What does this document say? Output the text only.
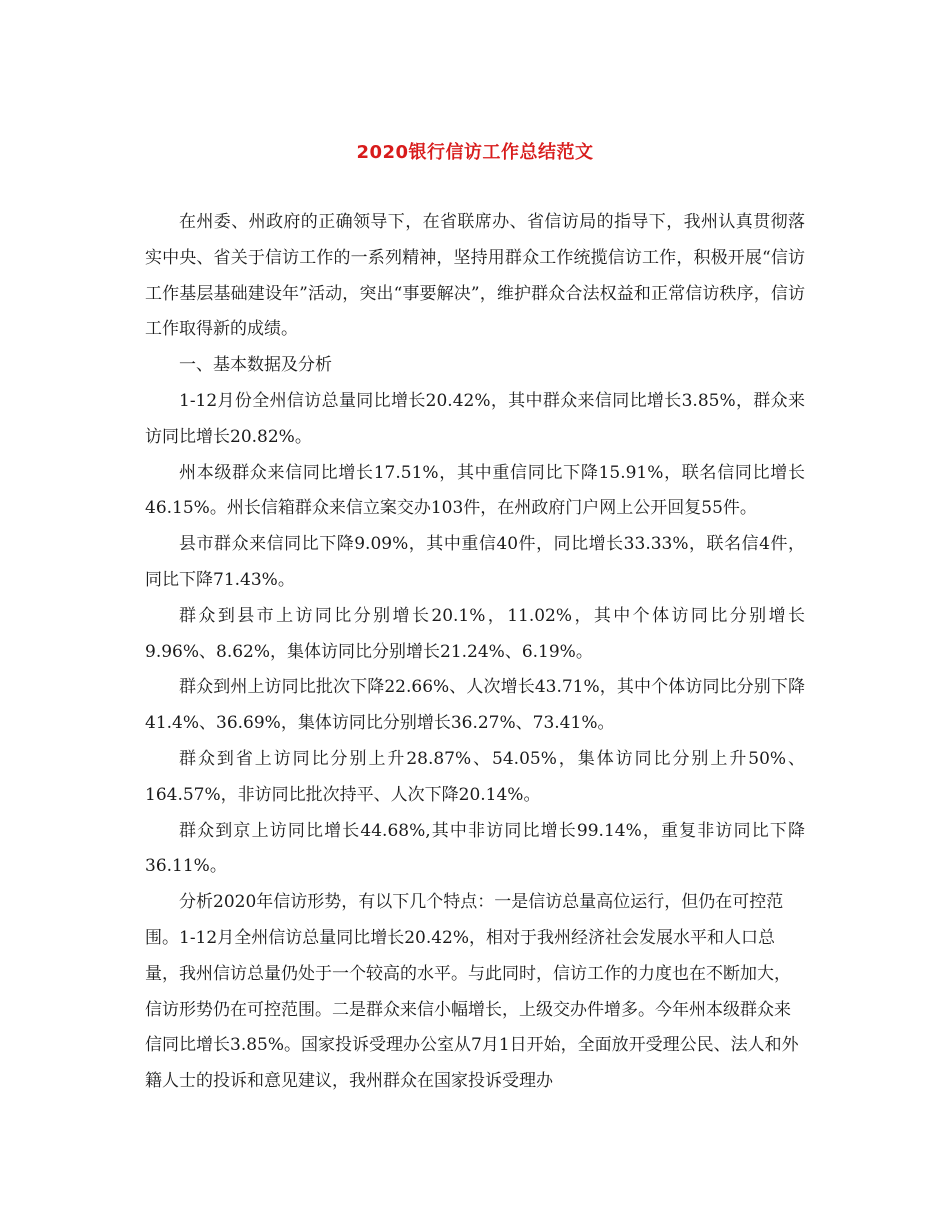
2020银行信访工作总结范文

在州委、州政府的正确领导下，在省联席办、省信访局的指导下，我州认真贯彻落实中央、省关于信访工作的一系列精神，坚持用群众工作统揽信访工作，积极开展“信访工作基层基础建设年”活动，突出“事要解决”，维护群众合法权益和正常信访秩序，信访工作取得新的成绩。

一、基本数据及分析

1-12月份全州信访总量同比增长20.42%，其中群众来信同比增长3.85%，群众来访同比增长20.82%。

州本级群众来信同比增长17.51%，其中重信同比下降15.91%，联名信同比增长46.15%。州长信箱群众来信立案交办103件，在州政府门户网上公开回复55件。

县市群众来信同比下降9.09%，其中重信40件，同比增长33.33%，联名信4件，同比下降71.43%。

群众到县市上访同比分别增长20.1%，11.02%，其中个体访同比分别增长9.96%、8.62%，集体访同比分别增长21.24%、6.19%。

群众到州上访同比批次下降22.66%、人次增长43.71%，其中个体访同比分别下降41.4%、36.69%，集体访同比分别增长36.27%、73.41%。

群众到省上访同比分别上升28.87%、54.05%，集体访同比分别上升50%、164.57%，非访同比批次持平、人次下降20.14%。

群众到京上访同比增长44.68%,其中非访同比增长99.14%，重复非访同比下降36.11%。

分析2020年信访形势，有以下几个特点：一是信访总量高位运行，但仍在可控范围。1-12月全州信访总量同比增长20.42%，相对于我州经济社会发展水平和人口总量，我州信访总量仍处于一个较高的水平。与此同时，信访工作的力度也在不断加大，信访形势仍在可控范围。二是群众来信小幅增长，上级交办件增多。今年州本级群众来信同比增长3.85%。国家投诉受理办公室从7月1日开始，全面放开受理公民、法人和外籍人士的投诉和意见建议，我州群众在国家投诉受理办
